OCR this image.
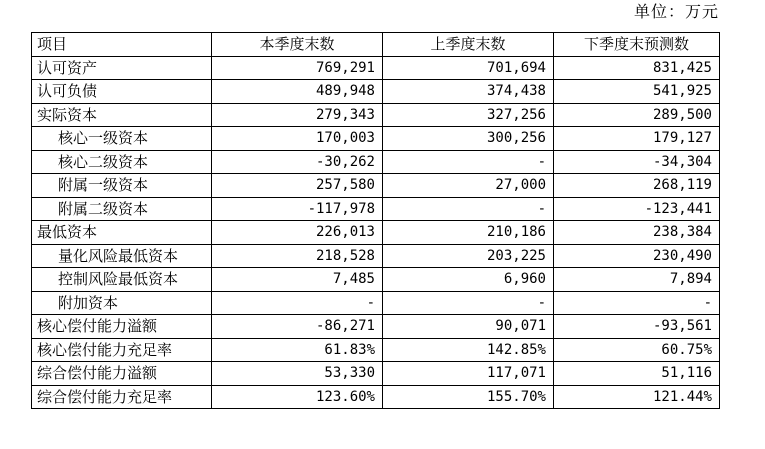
单位：万元
项目	本季度末数	上季度末数	下季度末预测数
认可资产	769,291	701,694	831,425
认可负债	489,948	374,438	541,925
实际资本	279,343	327,256	289,500
核心一级资本	170,003	300,256	179,127
核心二级资本	-30,262	-	-34,304
附属一级资本	257,580	27,000	268,119
附属二级资本	-117,978	-	-123,441
最低资本	226,013	210,186	238,384
量化风险最低资本	218,528	203,225	230,490
控制风险最低资本	7,485	6,960	7,894
附加资本	-	-	-
核心偿付能力溢额	-86,271	90,071	-93,561
核心偿付能力充足率	61.83%	142.85%	60.75%
综合偿付能力溢额	53,330	117,071	51,116
综合偿付能力充足率	123.60%	155.70%	121.44%
